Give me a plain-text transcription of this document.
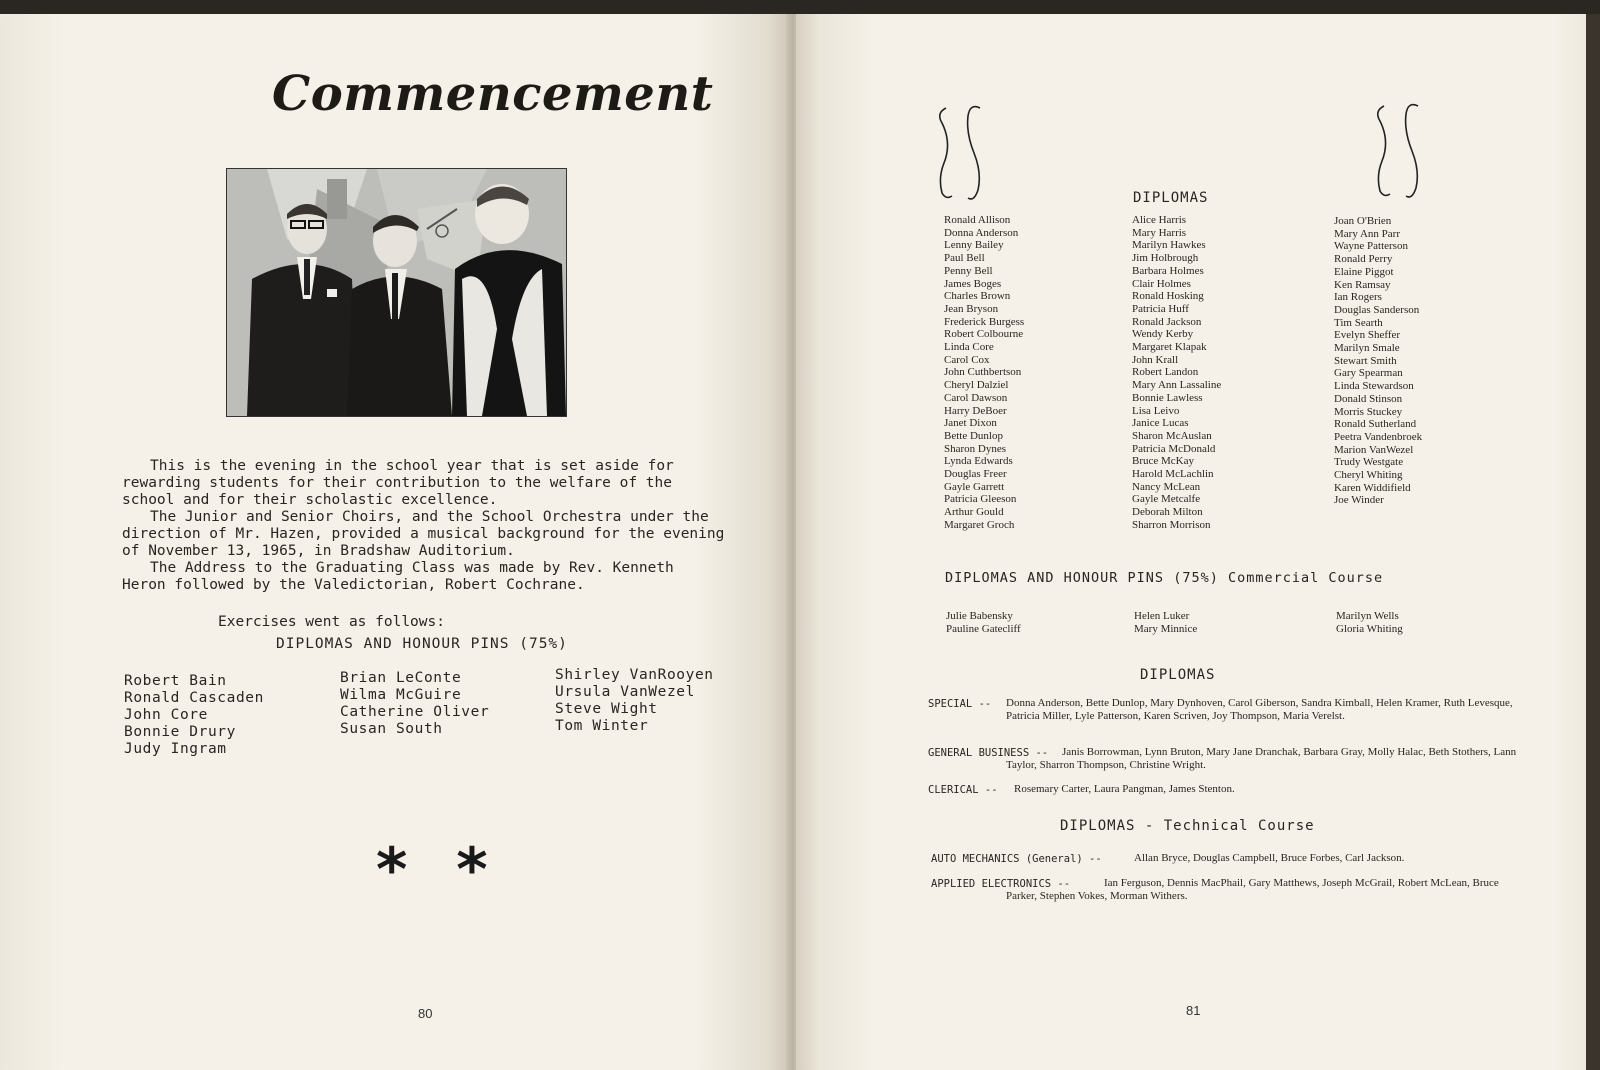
Commencement

This is the evening in the school year that is set aside for rewarding students for their contribution to the welfare of the school and for their scholastic excellence.

The Junior and Senior Choirs, and the School Orchestra under the direction of Mr. Hazen, provided a musical background for the evening of November 13, 1965, in Bradshaw Auditorium.

The Address to the Graduating Class was made by Rev. Kenneth Heron followed by the Valedictorian, Robert Cochrane.

Exercises went as follows:
DIPLOMAS AND HONOUR PINS (75%)
Robert Bain
Ronald Cascaden
John Core
Bonnie Drury
Judy Ingram
Brian LeConte
Wilma McGuire
Catherine Oliver
Susan South
Shirley VanRooyen
Ursula VanWezel
Steve Wight
Tom Winter
* *
80
DIPLOMAS
Ronald Allison
Donna Anderson
Lenny Bailey
Paul Bell
Penny Bell
James Boges
Charles Brown
Jean Bryson
Frederick Burgess
Robert Colbourne
Linda Core
Carol Cox
John Cuthbertson
Cheryl Dalziel
Carol Dawson
Harry DeBoer
Janet Dixon
Bette Dunlop
Sharon Dynes
Lynda Edwards
Douglas Freer
Gayle Garrett
Patricia Gleeson
Arthur Gould
Margaret Groch
Alice Harris
Mary Harris
Marilyn Hawkes
Jim Holbrough
Barbara Holmes
Clair Holmes
Ronald Hosking
Patricia Huff
Ronald Jackson
Wendy Kerby
Margaret Klapak
John Krall
Robert Landon
Mary Ann Lassaline
Bonnie Lawless
Lisa Leivo
Janice Lucas
Sharon McAuslan
Patricia McDonald
Bruce McKay
Harold McLachlin
Nancy McLean
Gayle Metcalfe
Deborah Milton
Sharron Morrison
Joan O'Brien
Mary Ann Parr
Wayne Patterson
Ronald Perry
Elaine Piggot
Ken Ramsay
Ian Rogers
Douglas Sanderson
Tim Searth
Evelyn Sheffer
Marilyn Smale
Stewart Smith
Gary Spearman
Linda Stewardson
Donald Stinson
Morris Stuckey
Ronald Sutherland
Peetra Vandenbroek
Marion VanWezel
Trudy Westgate
Cheryl Whiting
Karen Widdifield
Joe Winder
DIPLOMAS AND HONOUR PINS (75%) Commercial Course
Julie Babensky
Pauline Gatecliff
Helen Luker
Mary Minnice
Marilyn Wells
Gloria Whiting
DIPLOMAS
SPECIAL -- Donna Anderson, Bette Dunlop, Mary Dynhoven, Carol Giberson, Sandra Kimball, Helen Kramer, Ruth Levesque, Patricia Miller, Lyle Patterson, Karen Scriven, Joy Thompson, Maria Verelst.
GENERAL BUSINESS --	Janis Borrowman, Lynn Bruton, Mary Jane Dranchak, Barbara Gray, Molly Halac, Beth Stothers, Lann Taylor, Sharron Thompson, Christine Wright.
CLERICAL -- Rosemary Carter, Laura Pangman, James Stenton.
DIPLOMAS - Technical Course
AUTO MECHANICS (General) --	Allan Bryce, Douglas Campbell, Bruce Forbes, Carl Jackson.
APPLIED ELECTRONICS --	Ian Ferguson, Dennis MacPhail, Gary Matthews, Joseph McGrail, Robert McLean, Bruce Parker, Stephen Vokes, Morman Withers.
81
